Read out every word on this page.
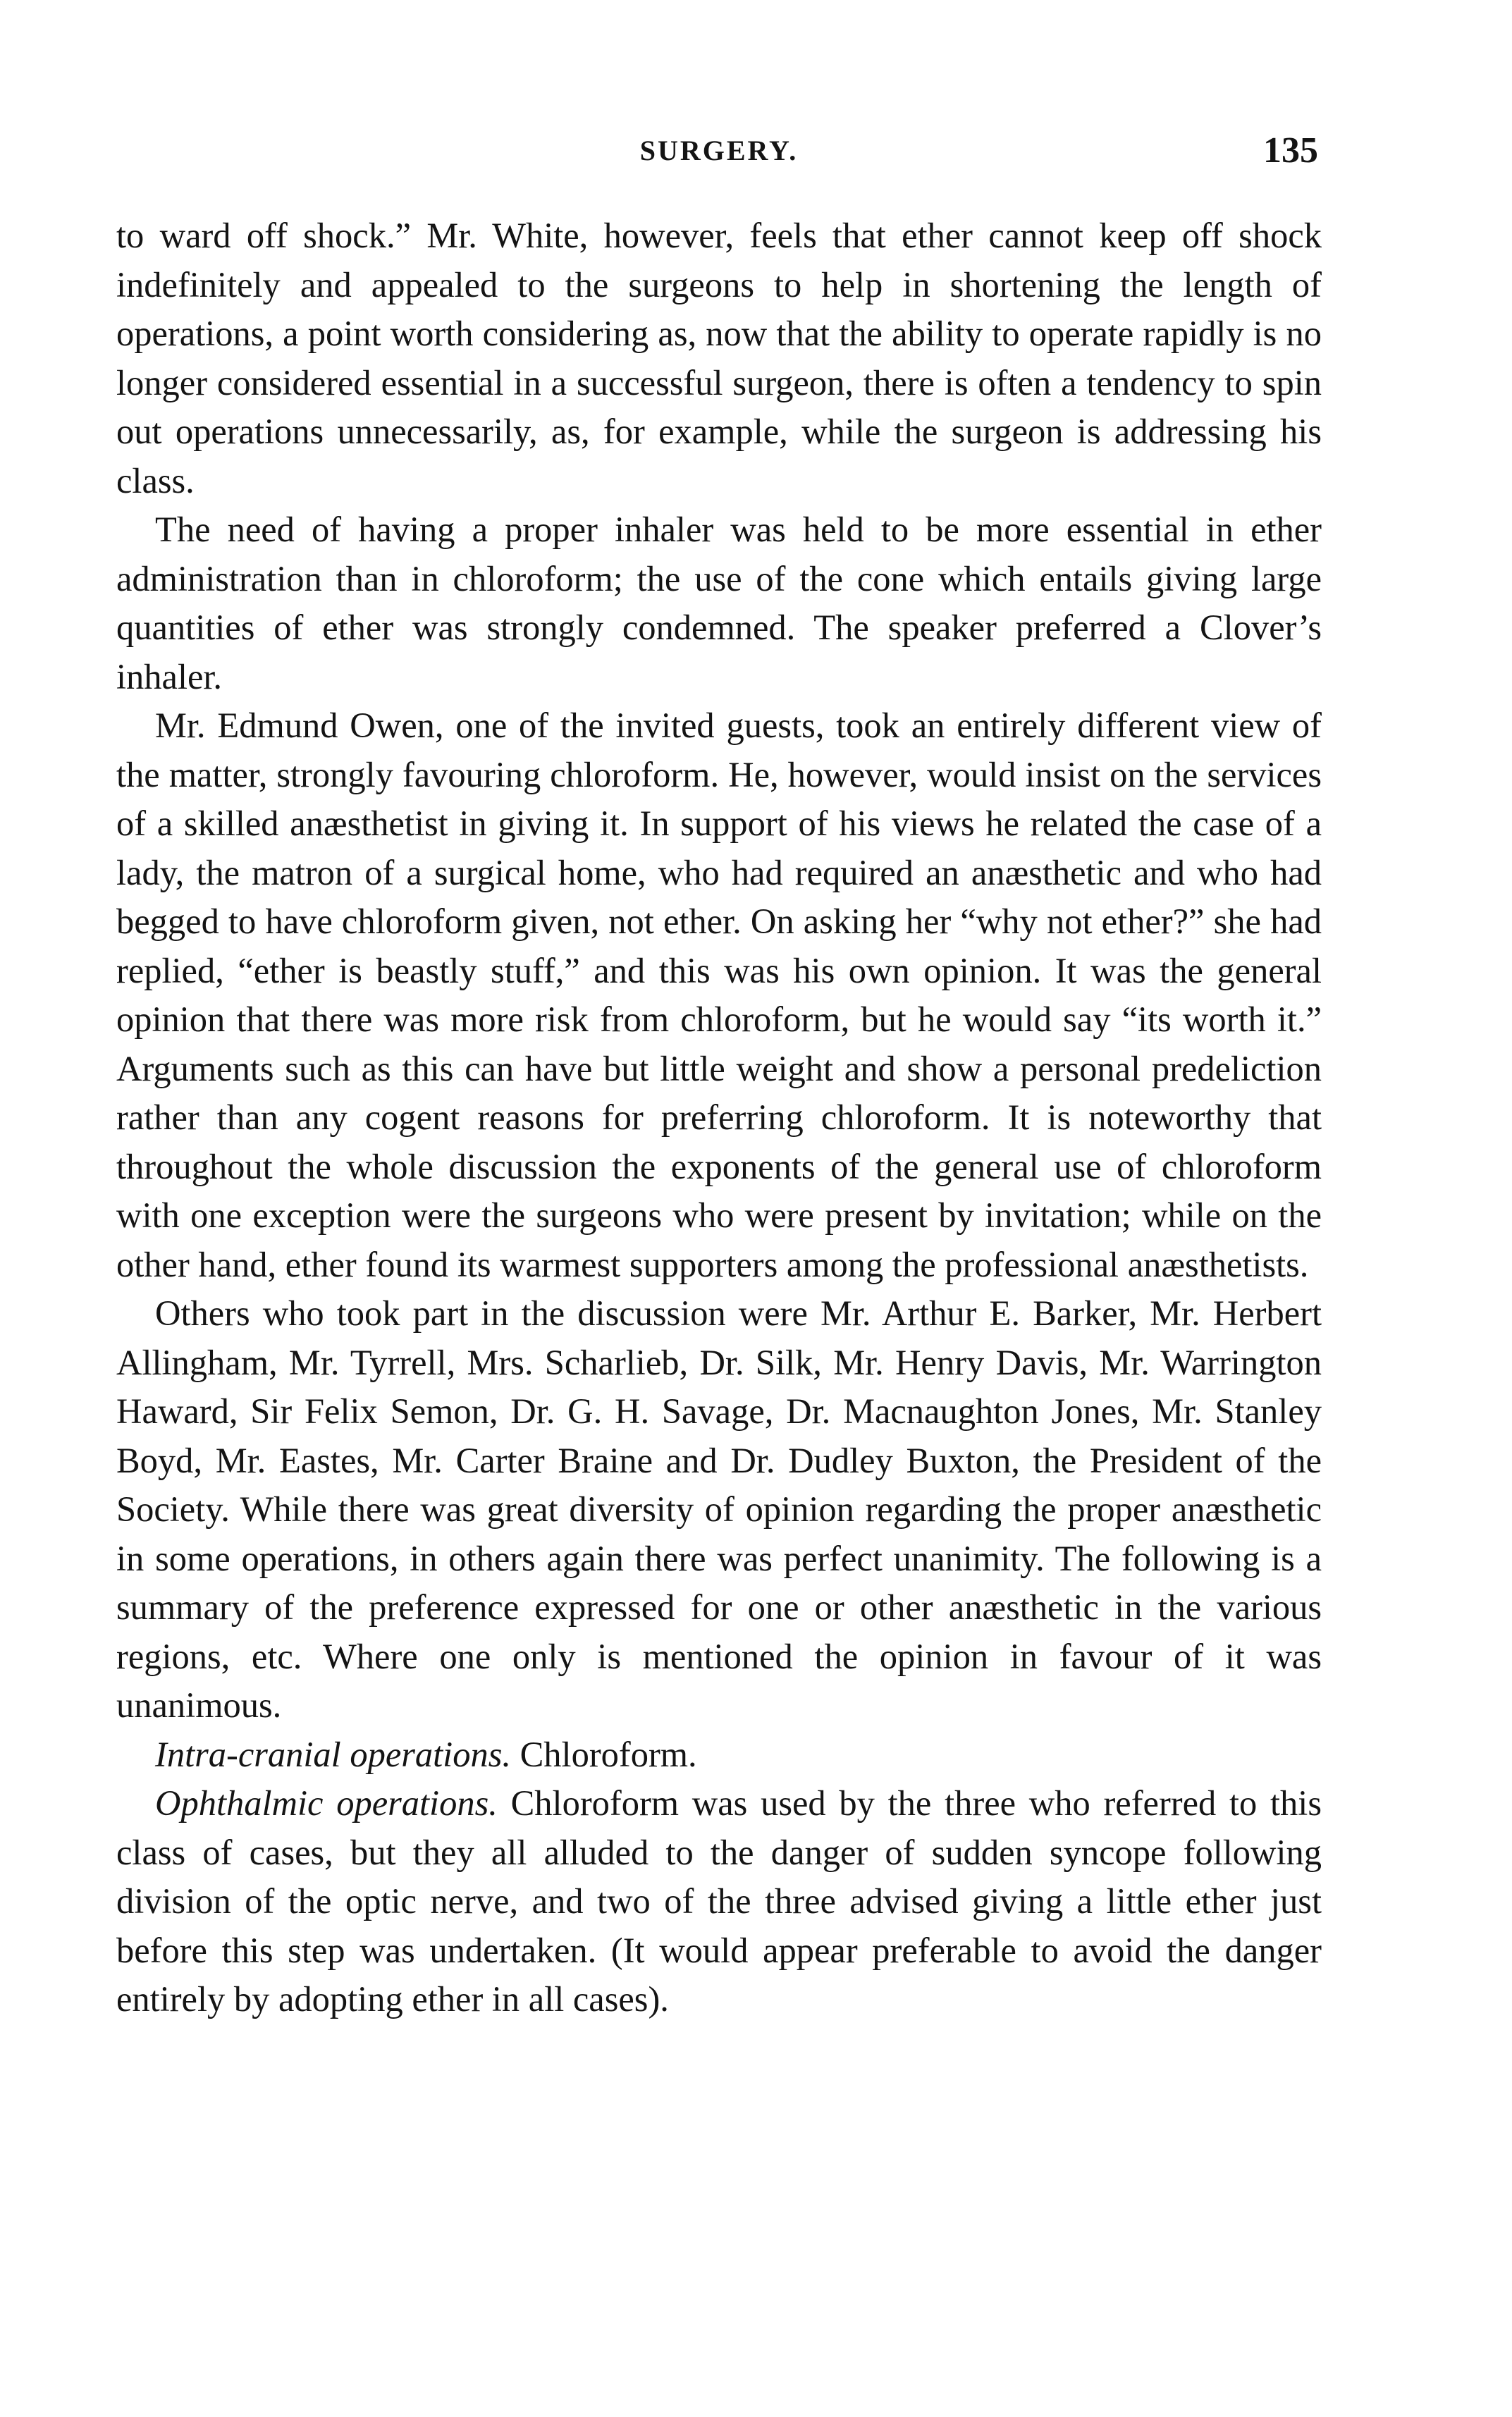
SURGERY.	135

to ward off shock.” Mr. White, however, feels that ether cannot keep off shock indefinitely and appealed to the surgeons to help in shortening the length of operations, a point worth considering as, now that the ability to operate rapidly is no longer considered essential in a successful surgeon, there is often a tendency to spin out operations unnecessarily, as, for example, while the surgeon is addressing his class.

The need of having a proper inhaler was held to be more essential in ether administration than in chloroform; the use of the cone which entails giving large quantities of ether was strongly condemned. The speaker preferred a Clover’s inhaler.

Mr. Edmund Owen, one of the invited guests, took an entirely different view of the matter, strongly favouring chloroform. He, however, would insist on the services of a skilled anæsthetist in giving it. In support of his views he related the case of a lady, the matron of a surgical home, who had required an anæsthetic and who had begged to have chloroform given, not ether. On asking her “why not ether?” she had replied, “ether is beastly stuff,” and this was his own opinion. It was the general opinion that there was more risk from chloroform, but he would say “its worth it.” Arguments such as this can have but little weight and show a personal predeliction rather than any cogent reasons for preferring chloroform. It is noteworthy that throughout the whole discussion the exponents of the general use of chloroform with one exception were the surgeons who were present by invitation; while on the other hand, ether found its warmest supporters among the professional anæsthetists.

Others who took part in the discussion were Mr. Arthur E. Barker, Mr. Herbert Allingham, Mr. Tyrrell, Mrs. Scharlieb, Dr. Silk, Mr. Henry Davis, Mr. Warrington Haward, Sir Felix Semon, Dr. G. H. Savage, Dr. Macnaughton Jones, Mr. Stanley Boyd, Mr. Eastes, Mr. Carter Braine and Dr. Dudley Buxton, the President of the Society. While there was great diversity of opinion regarding the proper anæsthetic in some operations, in others again there was perfect unanimity. The following is a summary of the preference expressed for one or other anæsthetic in the various regions, etc. Where one only is mentioned the opinion in favour of it was unanimous.

Intra-cranial operations. Chloroform.

Ophthalmic operations. Chloroform was used by the three who referred to this class of cases, but they all alluded to the danger of sudden syncope following division of the optic nerve, and two of the three advised giving a little ether just before this step was undertaken. (It would appear preferable to avoid the danger entirely by adopting ether in all cases).
